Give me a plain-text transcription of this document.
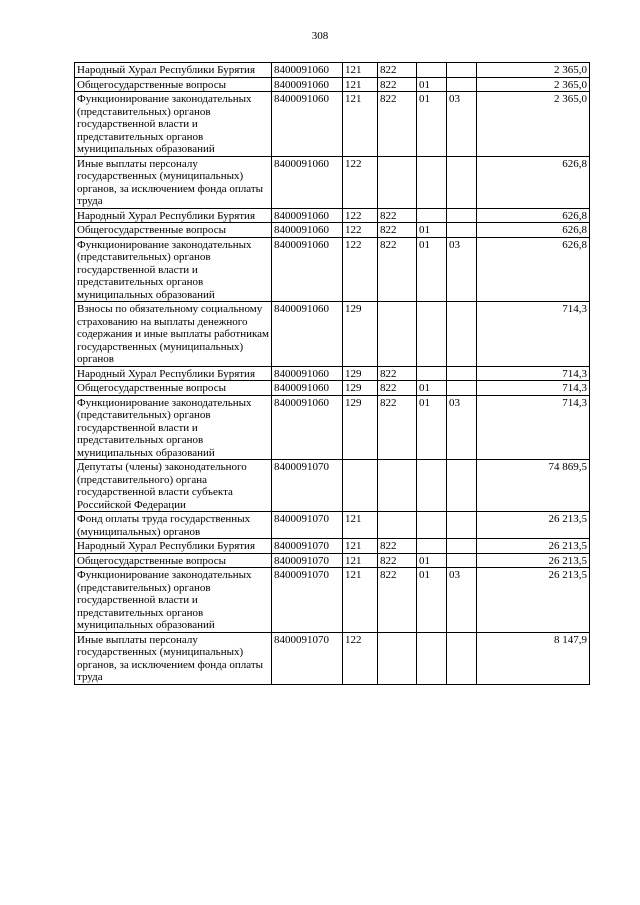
308
Народный Хурал Республики Бурятия	8400091060	121	822			2 365,0
Общегосударственные вопросы	8400091060	121	822	01		2 365,0
Функционирование законодательных (представительных) органов государственной власти и представительных органов муниципальных образований	8400091060	121	822	01	03	2 365,0
Иные выплаты персоналу государственных (муниципальных) органов, за исключением фонда оплаты труда	8400091060	122				626,8
Народный Хурал Республики Бурятия	8400091060	122	822			626,8
Общегосударственные вопросы	8400091060	122	822	01		626,8
Функционирование законодательных (представительных) органов государственной власти и представительных органов муниципальных образований	8400091060	122	822	01	03	626,8
Взносы по обязательному социальному страхованию на выплаты денежного содержания и иные выплаты работникам государственных (муниципальных) органов	8400091060	129				714,3
Народный Хурал Республики Бурятия	8400091060	129	822			714,3
Общегосударственные вопросы	8400091060	129	822	01		714,3
Функционирование законодательных (представительных) органов государственной власти и представительных органов муниципальных образований	8400091060	129	822	01	03	714,3
Депутаты (члены) законодательного (представительного) органа государственной власти субъекта Российской Федерации	8400091070					74 869,5
Фонд оплаты труда государственных (муниципальных) органов	8400091070	121				26 213,5
Народный Хурал Республики Бурятия	8400091070	121	822			26 213,5
Общегосударственные вопросы	8400091070	121	822	01		26 213,5
Функционирование законодательных (представительных) органов государственной власти и представительных органов муниципальных образований	8400091070	121	822	01	03	26 213,5
Иные выплаты персоналу государственных (муниципальных) органов, за исключением фонда оплаты труда	8400091070	122				8 147,9
